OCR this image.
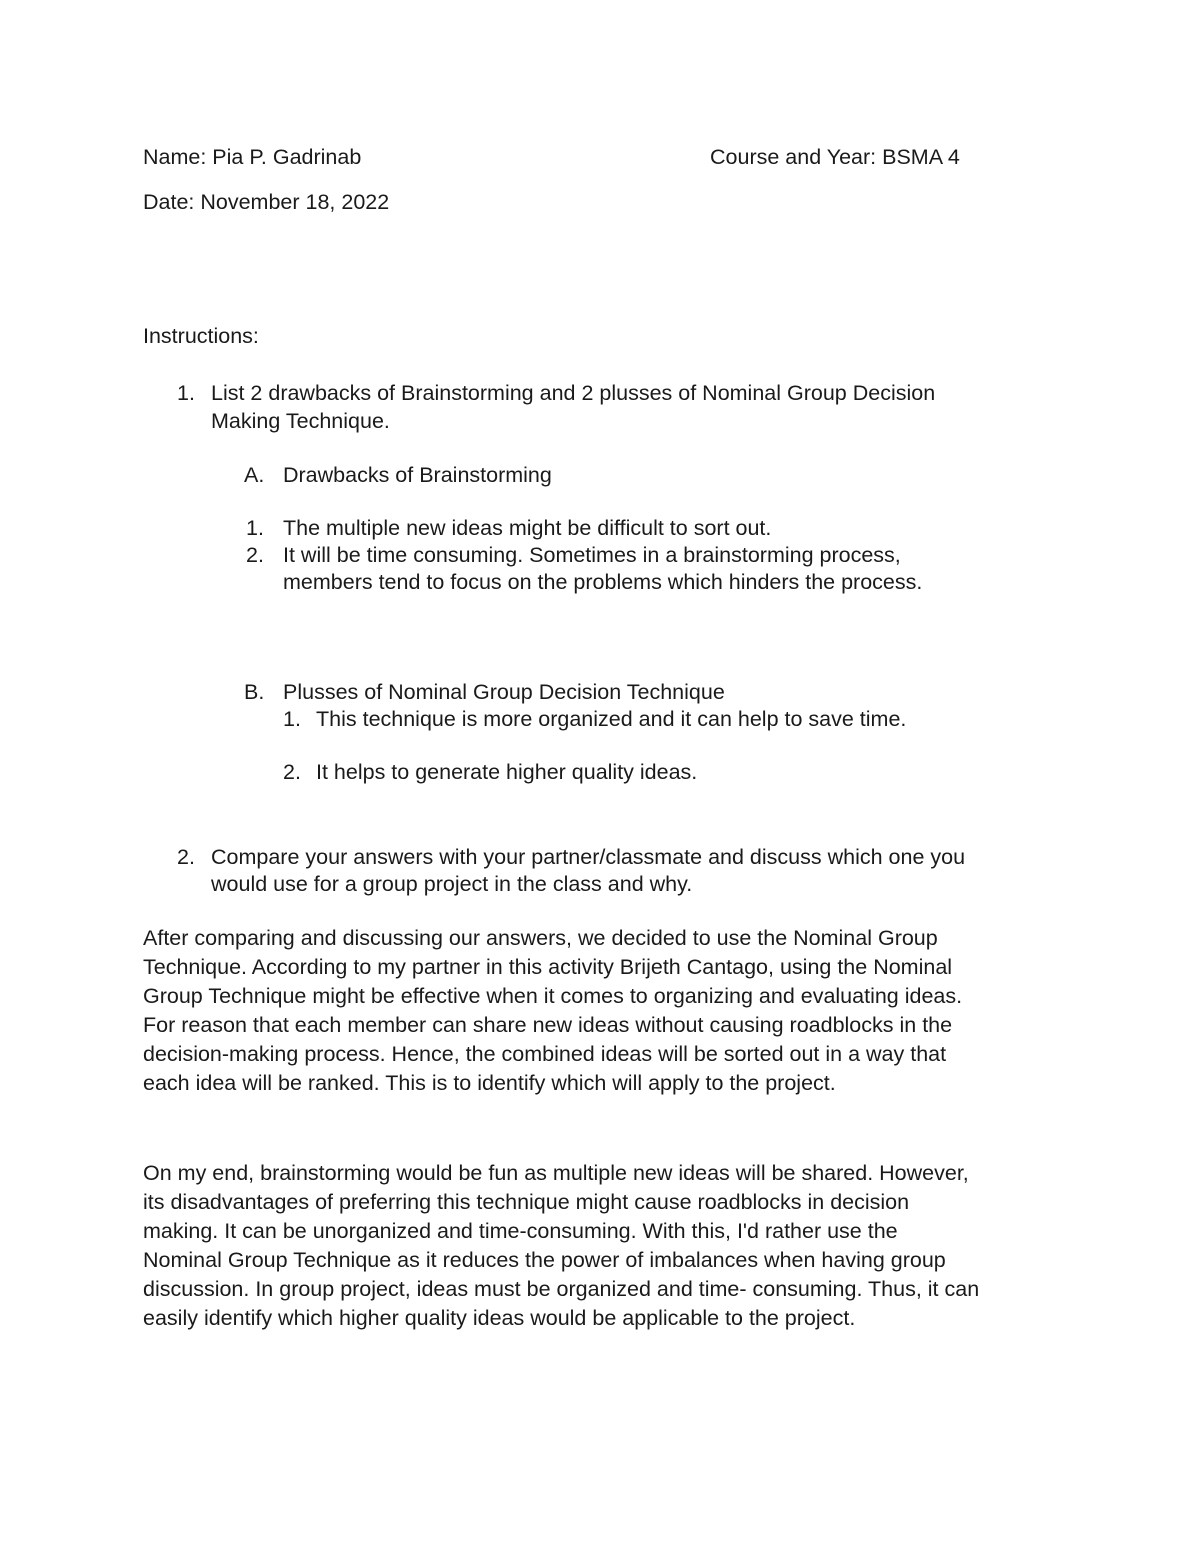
Name: Pia P. Gadrinab	Course and Year: BSMA 4
Date: November 18, 2022
Instructions:
1. List 2 drawbacks of Brainstorming and 2 plusses of Nominal Group Decision
Making Technique.
A. Drawbacks of Brainstorming
1. The multiple new ideas might be difficult to sort out.
2. It will be time consuming. Sometimes in a brainstorming process,
members tend to focus on the problems which hinders the process.
B. Plusses of Nominal Group Decision Technique
1. This technique is more organized and it can help to save time.
2. It helps to generate higher quality ideas.
2. Compare your answers with your partner/classmate and discuss which one you
would use for a group project in the class and why.
After comparing and discussing our answers, we decided to use the Nominal Group
Technique. According to my partner in this activity Brijeth Cantago, using the Nominal
Group Technique might be effective when it comes to organizing and evaluating ideas.
For reason that each member can share new ideas without causing roadblocks in the
decision-making process. Hence, the combined ideas will be sorted out in a way that
each idea will be ranked. This is to identify which will apply to the project.
On my end, brainstorming would be fun as multiple new ideas will be shared. However,
its disadvantages of preferring this technique might cause roadblocks in decision
making. It can be unorganized and time-consuming. With this, I'd rather use the
Nominal Group Technique as it reduces the power of imbalances when having group
discussion. In group project, ideas must be organized and time- consuming. Thus, it can
easily identify which higher quality ideas would be applicable to the project.
